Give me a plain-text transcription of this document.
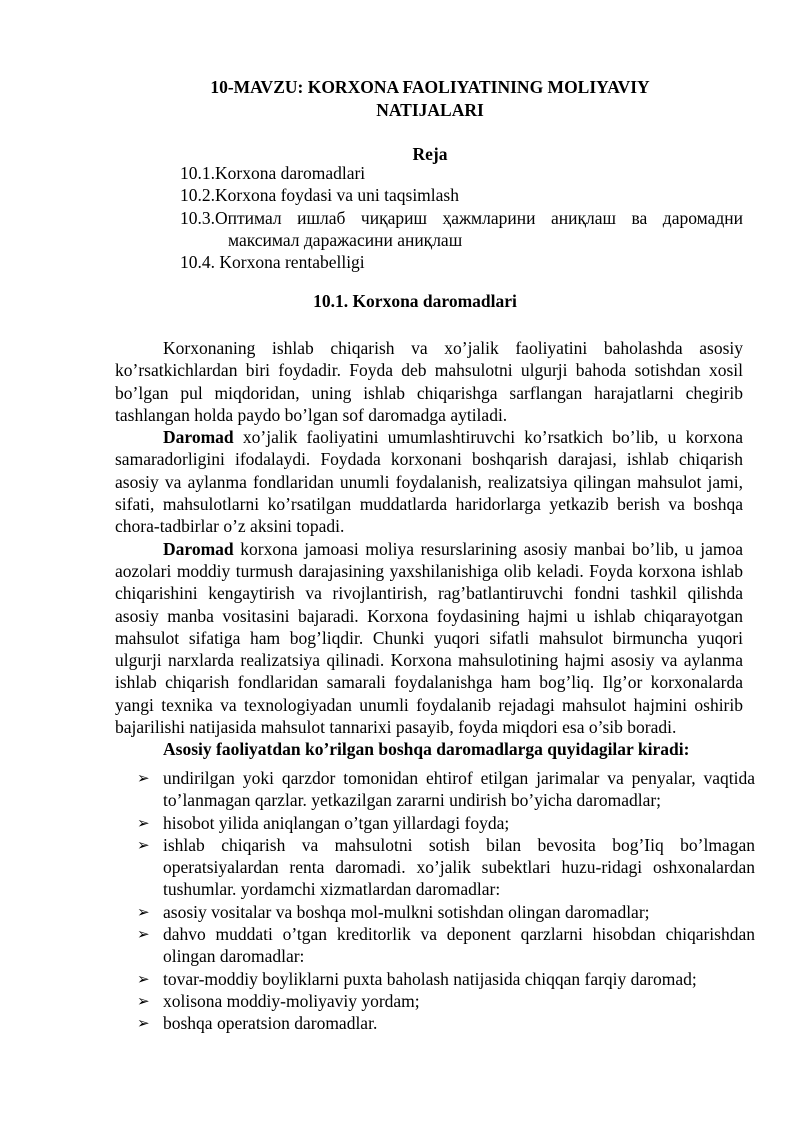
10-MAVZU: KORXONA FAOLIYATINING MOLIYAVIY
NATIJALARI
Reja
10.1.Korxona daromadlari
10.2.Korxona foydasi va uni taqsimlash
10.3.Оптимал ишлаб чиқариш ҳажмларини аниқлаш ва даромадни максимал даражасини аниқлаш
10.4. Korxona rentabelligi
10.1. Korxona daromadlari

Korxonaning ishlab chiqarish va xo’jalik faoliyatini baholashda asosiy ko’rsatkichlardan biri foydadir. Foyda deb mahsulotni ulgurji bahoda sotishdan xosil bo’lgan pul miqdoridan, uning ishlab chiqarishga sarflangan harajatlarni chegirib tashlangan holda paydo bo’lgan sof daromadga aytiladi.

Daromad xo’jalik faoliyatini umumlashtiruvchi ko’rsatkich bo’lib, u korxona samaradorligini ifodalaydi. Foydada korxonani boshqarish darajasi, ishlab chiqarish asosiy va aylanma fondlaridan unumli foydalanish, realizatsiya qilingan mahsulot jami, sifati, mahsulotlarni ko’rsatilgan muddatlarda haridorlarga yetkazib berish va boshqa chora-tadbirlar o’z aksini topadi.

Daromad korxona jamoasi moliya resurslarining asosiy manbai bo’lib, u jamoa aozolari moddiy turmush darajasining yaxshilanishiga olib keladi. Foyda korxona ishlab chiqarishini kengaytirish va rivojlantirish, rag’batlantiruvchi fondni tashkil qilishda asosiy manba vositasini bajaradi. Korxona foydasining hajmi u ishlab chiqarayotgan mahsulot sifatiga ham bog’liqdir. Chunki yuqori sifatli mahsulot birmuncha yuqori ulgurji narxlarda realizatsiya qilinadi. Korxona mahsulotining hajmi asosiy va aylanma ishlab chiqarish fondlaridan samarali foydalanishga ham bog’liq. Ilg’or korxonalarda yangi texnika va texnologiyadan unumli foydalanib rejadagi mahsulot hajmini oshirib bajarilishi natijasida mahsulot tannarixi pasayib, foyda miqdori esa o’sib boradi.

Asosiy faoliyatdan ko’rilgan boshqa daromadlarga quyidagilar kiradi:

➢ undirilgan yoki qarzdor tomonidan ehtirof etilgan jarimalar va penyalar, vaqtida to’lanmagan qarzlar. yetkazilgan zararni undirish bo’yicha daromadlar;
➢ hisobot yilida aniqlangan o’tgan yillardagi foyda;
➢ ishlab chiqarish va mahsulotni sotish bilan bevosita bog’Iiq bo’lmagan operatsiyalardan renta daromadi. xo’jalik subektlari huzu-ridagi oshxonalardan tushumlar. yordamchi xizmatlardan daromadlar:
➢ asosiy vositalar va boshqa mol-mulkni sotishdan olingan daromadlar;
➢ dahvo muddati o’tgan kreditorlik va deponent qarzlarni hisobdan chiqarishdan olingan daromadlar:
➢ tovar-moddiy boyliklarni puxta baholash natijasida chiqqan farqiy daromad;
➢ xolisona moddiy-moliyaviy yordam;
➢ boshqa operatsion daromadlar.
